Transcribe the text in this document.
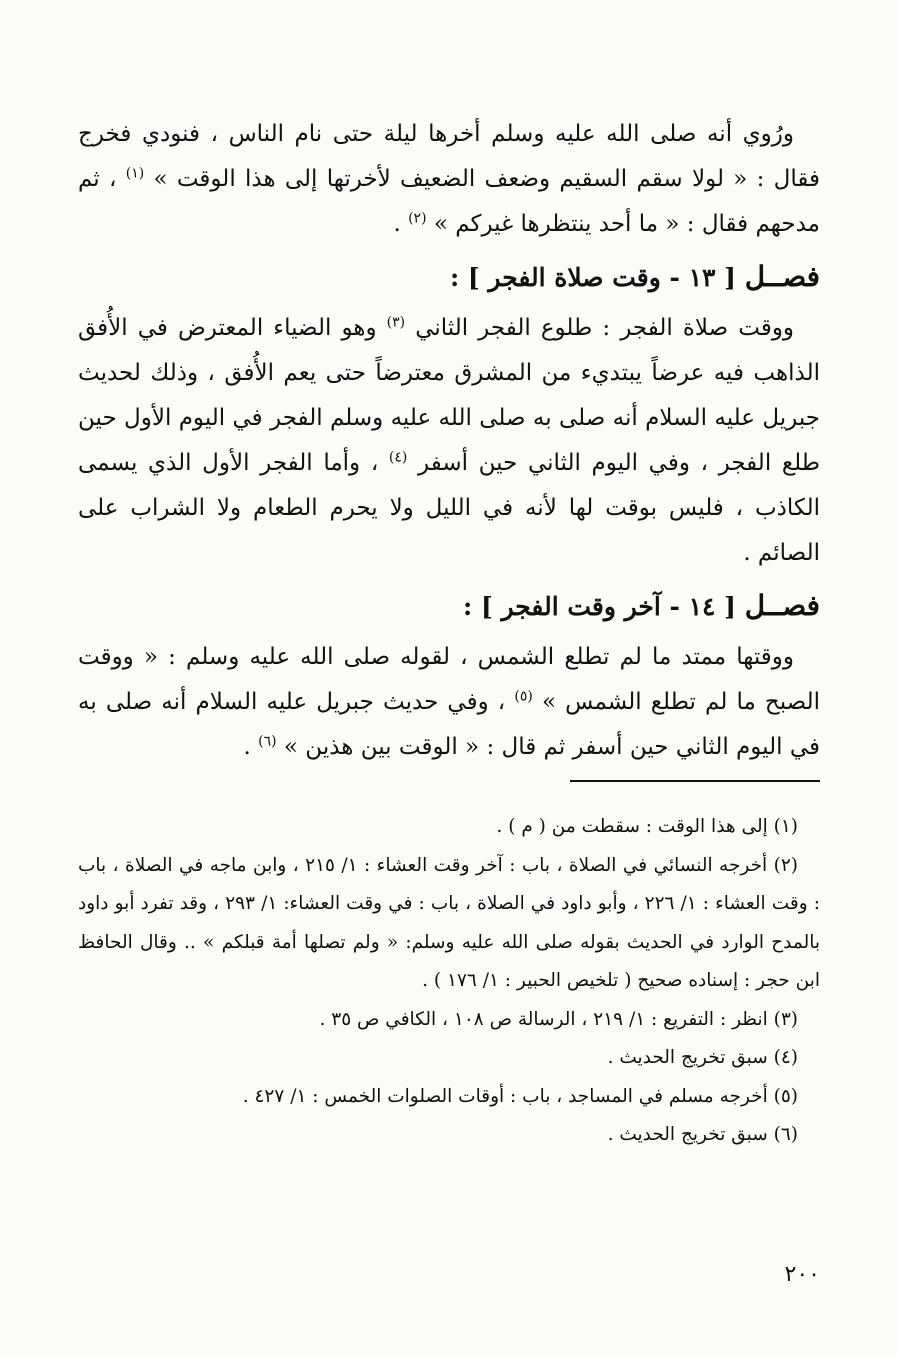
ورُوي أنه صلى الله عليه وسلم أخرها ليلة حتى نام الناس ، فنودي فخرج فقال : « لولا سقم السقيم وضعف الضعيف لأخرتها إلى هذا الوقت » $^{(١)}$ ، ثم مدحهم فقال : « ما أحد ينتظرها غيركم » $^{(٢)}$ .

فصــل [ ١٣ - وقت صلاة الفجر ] :

ووقت صلاة الفجر : طلوع الفجر الثاني $^{(٣)}$ وهو الضياء المعترض في الأُفق الذاهب فيه عرضاً يبتديء من المشرق معترضاً حتى يعم الأُفق ، وذلك لحديث جبريل عليه السلام أنه صلى به صلى الله عليه وسلم الفجر في اليوم الأول حين طلع الفجر ، وفي اليوم الثاني حين أسفر $^{(٤)}$ ، وأما الفجر الأول الذي يسمى الكاذب ، فليس بوقت لها لأنه في الليل ولا يحرم الطعام ولا الشراب على الصائم .

فصــل [ ١٤ - آخر وقت الفجر ] :

ووقتها ممتد ما لم تطلع الشمس ، لقوله صلى الله عليه وسلم : « ووقت الصبح ما لم تطلع الشمس » $^{(٥)}$ ، وفي حديث جبريل عليه السلام أنه صلى به في اليوم الثاني حين أسفر ثم قال : « الوقت بين هذين » $^{(٦)}$ .

(١) إلى هذا الوقت : سقطت من ( م ) .

(٢) أخرجه النسائي في الصلاة ، باب : آخر وقت العشاء : ١/ ٢١٥ ، وابن ماجه في الصلاة ، باب : وقت العشاء : ١/ ٢٢٦ ، وأبو داود في الصلاة ، باب : في وقت العشاء: ١/ ٢٩٣ ، وقد تفرد أبو داود بالمدح الوارد في الحديث بقوله صلى الله عليه وسلم: « ولم تصلها أمة قبلكم » .. وقال الحافظ ابن حجر : إسناده صحيح ( تلخيص الحبير : ١/ ١٧٦ ) .

(٣) انظر : التفريع : ١/ ٢١٩ ، الرسالة ص ١٠٨ ، الكافي ص ٣٥ .

(٤) سبق تخريج الحديث .

(٥) أخرجه مسلم في المساجد ، باب : أوقات الصلوات الخمس : ١/ ٤٢٧ .

(٦) سبق تخريج الحديث .

٢٠٠
